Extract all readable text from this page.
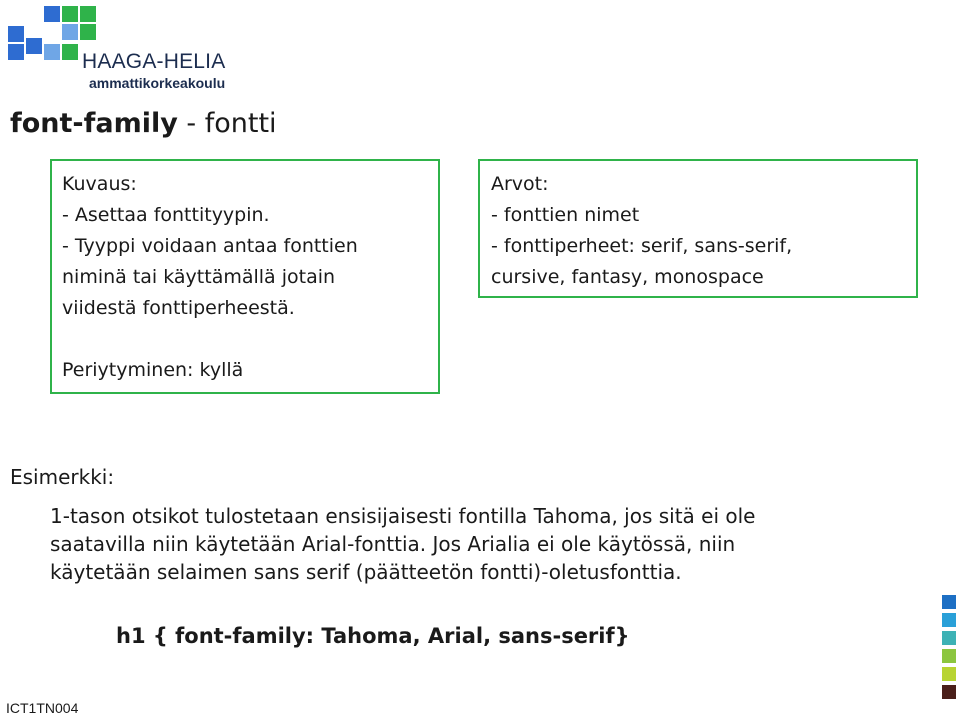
HAAGA-HELIA
ammattikorkeakoulu
font-family - fontti
Kuvaus:
- Asettaa fonttityypin.
- Tyyppi voidaan antaa fonttien
niminä tai käyttämällä jotain
viidestä fonttiperheestä.
Periytyminen: kyllä
Arvot:
- fonttien nimet
- fonttiperheet: serif, sans-serif,
cursive, fantasy, monospace
Esimerkki:
1-tason otsikot tulostetaan ensisijaisesti fontilla Tahoma, jos sitä ei ole
saatavilla niin käytetään Arial-fonttia. Jos Arialia ei ole käytössä, niin
käytetään selaimen sans serif (päätteetön fontti)-oletusfonttia.
h1 { font-family: Tahoma, Arial, sans-serif}
ICT1TN004
